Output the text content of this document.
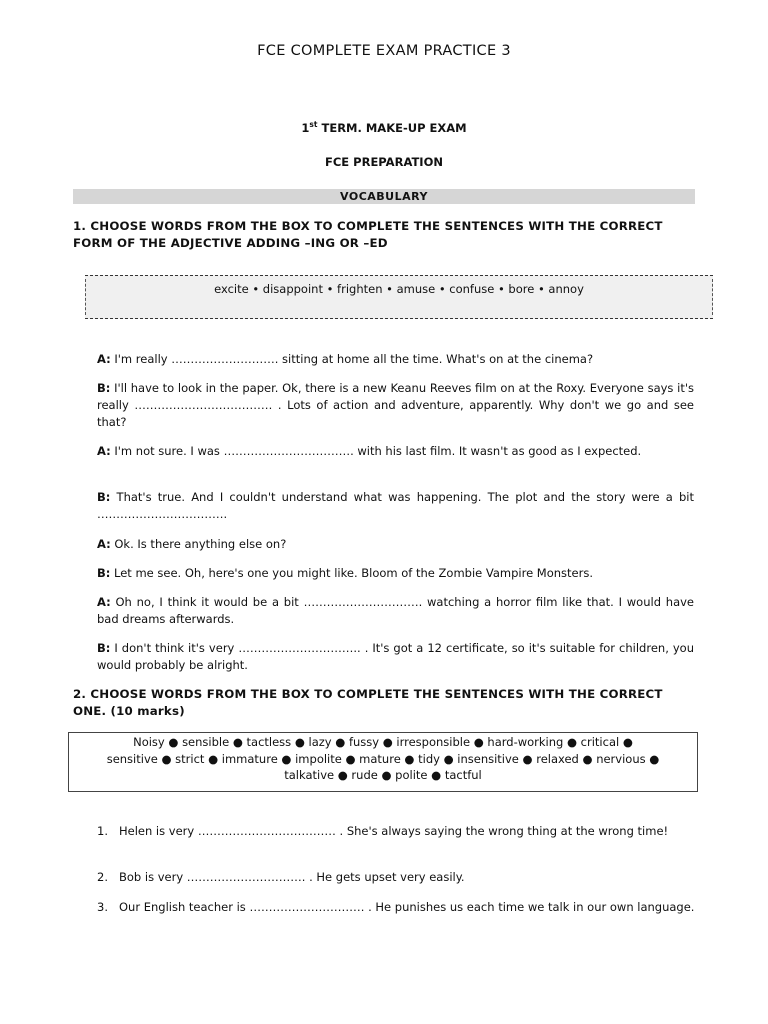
FCE COMPLETE EXAM PRACTICE 3
1st TERM. MAKE-UP EXAM
FCE PREPARATION
VOCABULARY
1. CHOOSE WORDS FROM THE BOX TO COMPLETE THE SENTENCES WITH THE CORRECT FORM OF THE ADJECTIVE ADDING –ING OR –ED
excite • disappoint • frighten • amuse • confuse • bore • annoy
A: I'm really ………………………. sitting at home all the time. What's on at the cinema?
B: I'll have to look in the paper. Ok, there is a new Keanu Reeves film on at the Roxy. Everyone says it's really ……………………………… . Lots of action and adventure, apparently. Why don't we go and see that?
A: I'm not sure. I was ……………………………. with his last film. It wasn't as good as I expected.
B: That's true. And I couldn't understand what was happening. The plot and the story were a bit …………………………….
A: Ok. Is there anything else on?
B: Let me see. Oh, here's one you might like. Bloom of the Zombie Vampire Monsters.
A: Oh no, I think it would be a bit …………………………. watching a horror film like that. I would have bad dreams afterwards.
B: I don't think it's very ………………………….. . It's got a 12 certificate, so it's suitable for children, you would probably be alright.
2. CHOOSE WORDS FROM THE BOX TO COMPLETE THE SENTENCES WITH THE CORRECT ONE. (10 marks)
Noisy ● sensible ● tactless ● lazy ● fussy ● irresponsible ● hard-working ● critical ●
sensitive ● strict ● immature ● impolite ● mature ● tidy ● insensitive ● relaxed ● nervious ●
talkative ● rude ● polite ● tactful
1. Helen is very ……………………………… . She's always saying the wrong thing at the wrong time!
2. Bob is very …………………………. . He gets upset very easily.
3. Our English teacher is ………………………… . He punishes us each time we talk in our own language.
